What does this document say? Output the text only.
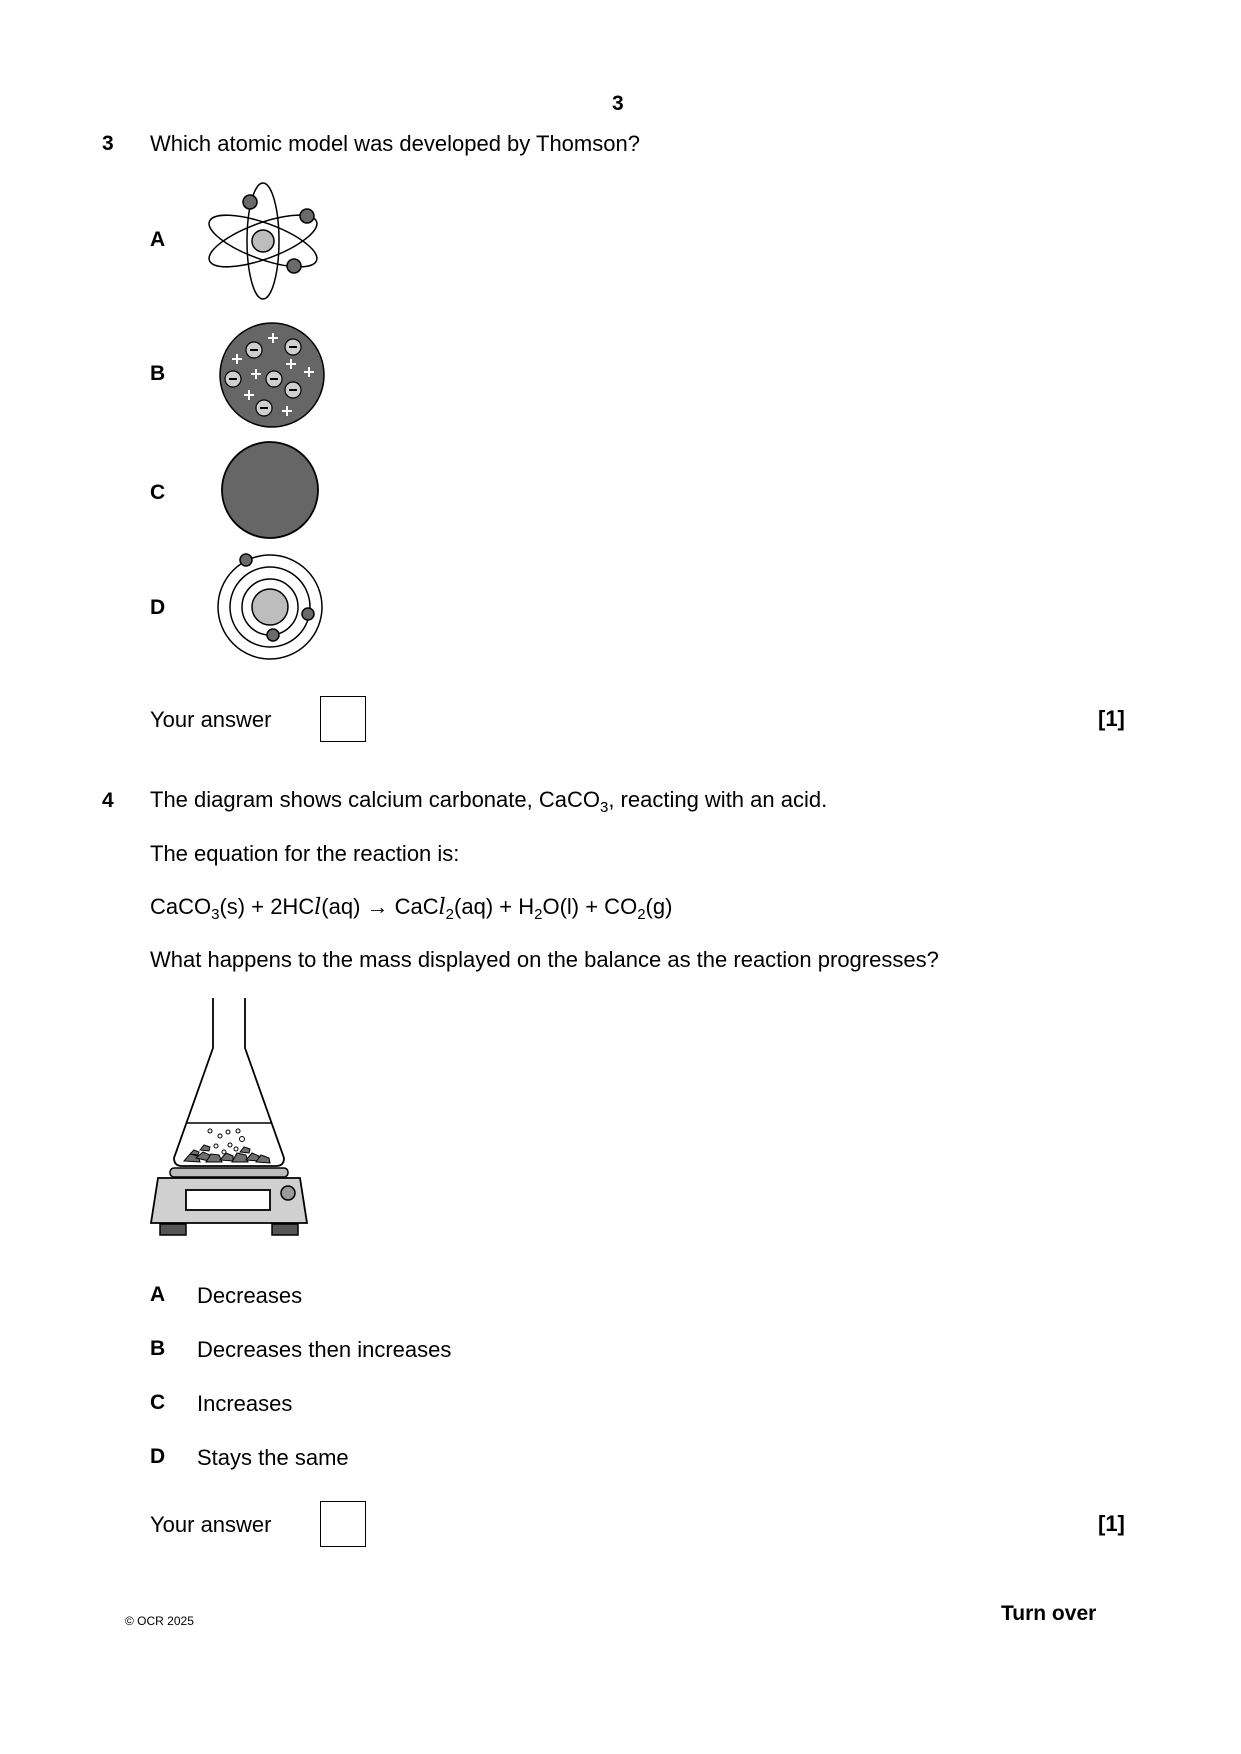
3
3 Which atomic model was developed by Thomson?
A
B
C
D
Your answer	[1]
4 The diagram shows calcium carbonate, CaCO$_3$, reacting with an acid.
The equation for the reaction is:
CaCO$_3$(s) + 2HCl(aq) → CaCl$_2$(aq) + $H_2O(l) + CO_2(g)$
What happens to the mass displayed on the balance as the reaction progresses?
A Decreases
B Decreases then increases
C Increases
D Stays the same
Your answer	[1]
© OCR 2025	Turn over
